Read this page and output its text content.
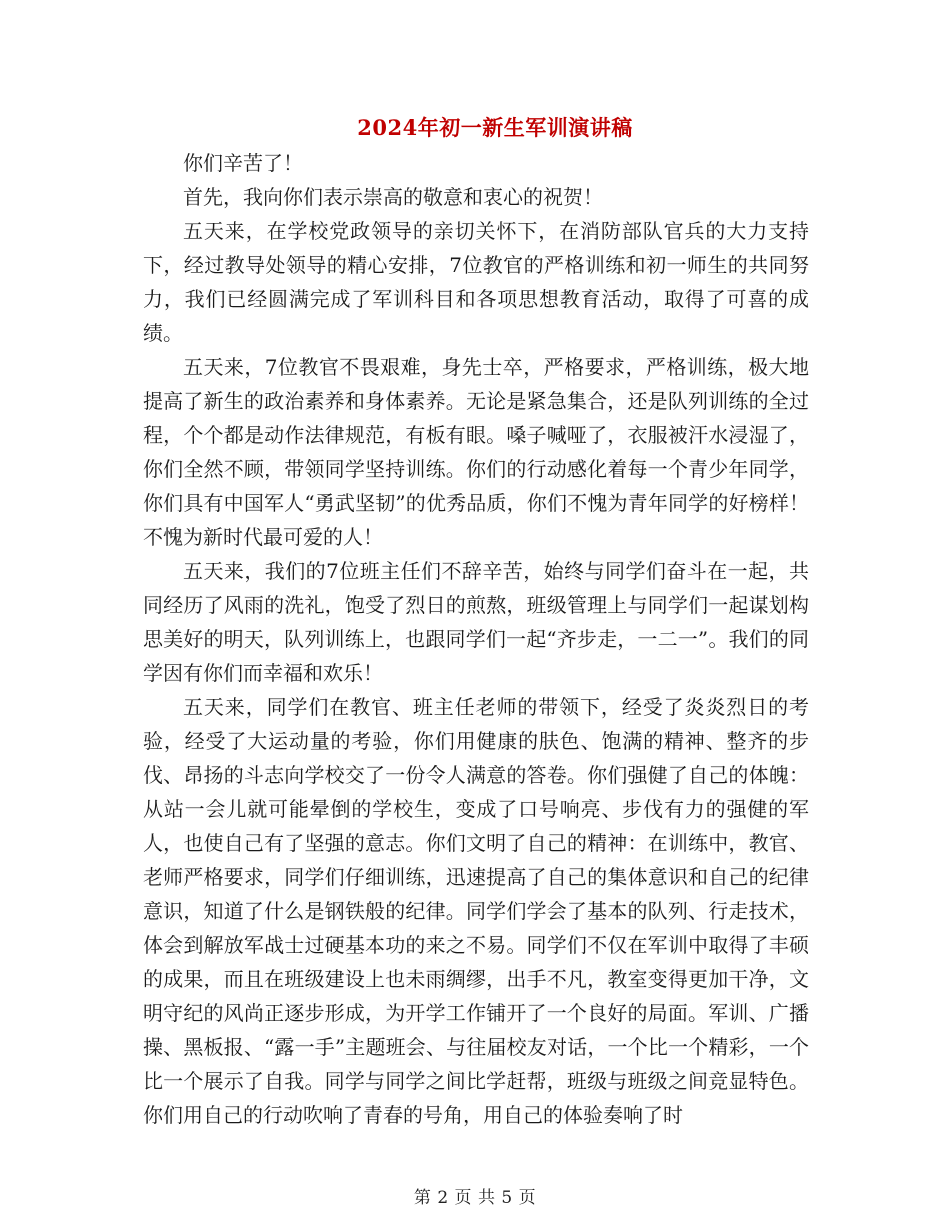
2024年初一新生军训演讲稿

你们辛苦了！

首先，我向你们表示崇高的敬意和衷心的祝贺！

五天来，在学校党政领导的亲切关怀下，在消防部队官兵的大力支持下，经过教导处领导的精心安排，7位教官的严格训练和初一师生的共同努力，我们已经圆满完成了军训科目和各项思想教育活动，取得了可喜的成绩。

五天来，7位教官不畏艰难，身先士卒，严格要求，严格训练，极大地提高了新生的政治素养和身体素养。无论是紧急集合，还是队列训练的全过程，个个都是动作法律规范，有板有眼。嗓子喊哑了，衣服被汗水浸湿了，你们全然不顾，带领同学坚持训练。你们的行动感化着每一个青少年同学，你们具有中国军人“勇武坚韧”的优秀品质，你们不愧为青年同学的好榜样！不愧为新时代最可爱的人！

五天来，我们的7位班主任们不辞辛苦，始终与同学们奋斗在一起，共同经历了风雨的洗礼，饱受了烈日的煎熬，班级管理上与同学们一起谋划构思美好的明天，队列训练上，也跟同学们一起“齐步走，一二一”。我们的同学因有你们而幸福和欢乐！

五天来，同学们在教官、班主任老师的带领下，经受了炎炎烈日的考验，经受了大运动量的考验，你们用健康的肤色、饱满的精神、整齐的步伐、昂扬的斗志向学校交了一份令人满意的答卷。你们强健了自己的体魄：从站一会儿就可能晕倒的学校生，变成了口号响亮、步伐有力的强健的军人，也使自己有了坚强的意志。你们文明了自己的精神：在训练中，教官、老师严格要求，同学们仔细训练，迅速提高了自己的集体意识和自己的纪律意识，知道了什么是钢铁般的纪律。同学们学会了基本的队列、行走技术，体会到解放军战士过硬基本功的来之不易。同学们不仅在军训中取得了丰硕的成果，而且在班级建设上也未雨绸缪，出手不凡，教室变得更加干净，文明守纪的风尚正逐步形成，为开学工作铺开了一个良好的局面。军训、广播操、黑板报、“露一手”主题班会、与往届校友对话，一个比一个精彩，一个比一个展示了自我。同学与同学之间比学赶帮，班级与班级之间竞显特色。你们用自己的行动吹响了青春的号角，用自己的体验奏响了时

第 2 页 共 5 页
